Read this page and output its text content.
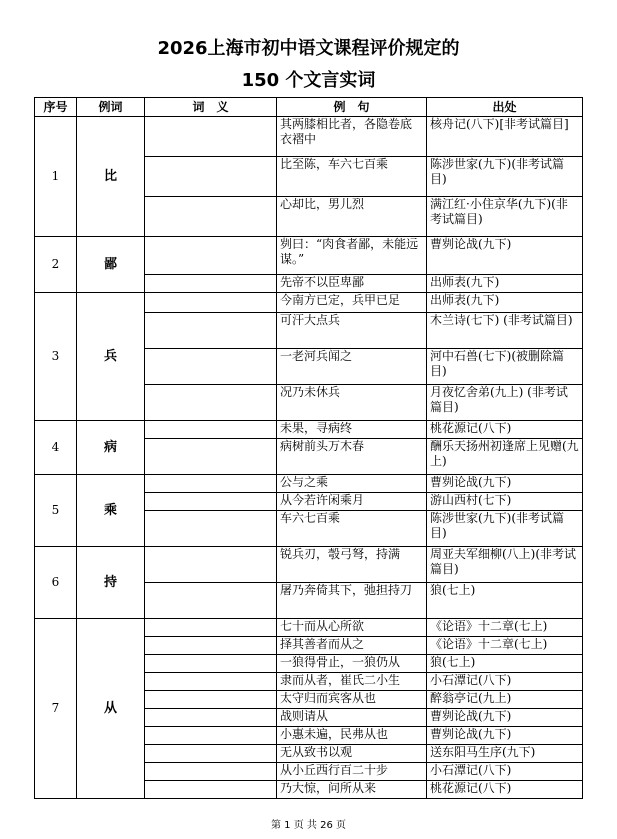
2026上海市初中语文课程评价规定的
150 个文言实词
序号	例词	词　义	例　句	出处
1	比		其两膝相比者，各隐卷底衣褶中	核舟记(八下)[非考试篇目]
			比至陈，车六七百乘	陈涉世家(九下)(非考试篇目)
			心却比，男儿烈	满江红·小住京华(九下)(非考试篇目)
2	鄙		刿曰：“肉食者鄙，未能远谋。”	曹刿论战(九下)
			先帝不以臣卑鄙	出师表(九下)
3	兵		今南方已定，兵甲已足	出师表(九下)
			可汗大点兵	木兰诗(七下) (非考试篇目)
			一老河兵闻之	河中石兽(七下)(被删除篇目)
			况乃未休兵	月夜忆舍弟(九上) (非考试篇目)
4	病		未果，寻病终	桃花源记(八下)
			病树前头万木春	酬乐天扬州初逢席上见赠(九上)
5	乘		公与之乘	曹刿论战(九下)
			从今若许闲乘月	游山西村(七下)
			车六七百乘	陈涉世家(九下)(非考试篇目)
6	持		锐兵刃，彀弓弩，持满	周亚夫军细柳(八上)(非考试篇目)
			屠乃奔倚其下，弛担持刀	狼(七上)
7	从		七十而从心所欲	《论语》十二章(七上)
			择其善者而从之	《论语》十二章(七上)
			一狼得骨止，一狼仍从	狼(七上)
			隶而从者，崔氏二小生	小石潭记(八下)
			太守归而宾客从也	醉翁亭记(九上)
			战则请从	曹刿论战(九下)
			小惠未遍，民弗从也	曹刿论战(九下)
			无从致书以观	送东阳马生序(九下)
			从小丘西行百二十步	小石潭记(八下)
			乃大惊，问所从来	桃花源记(八下)
第 1 页 共 26 页
